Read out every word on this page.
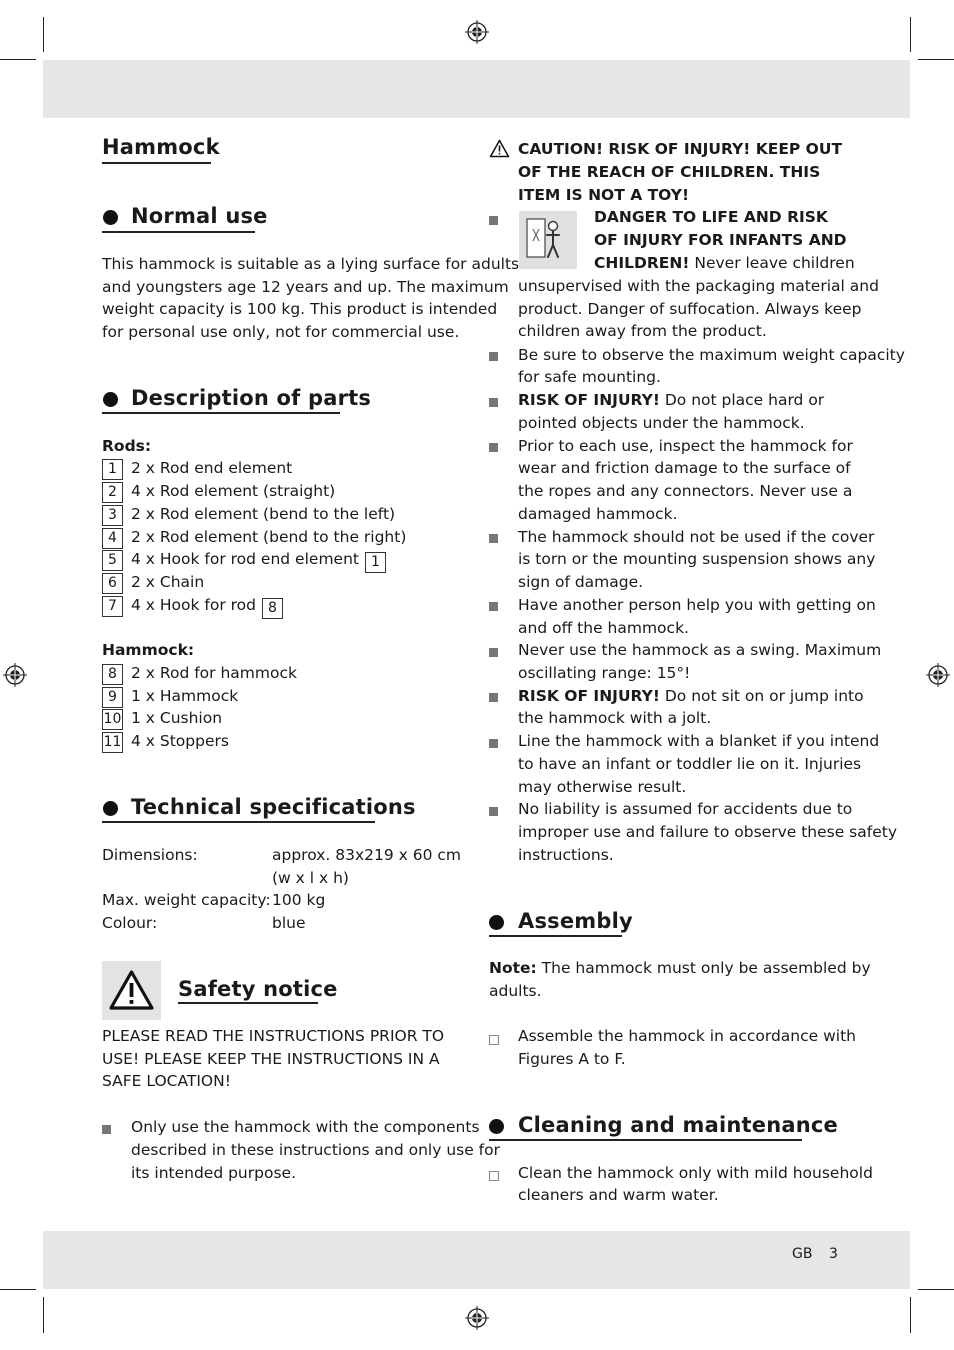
Hammock
Normal use
This hammock is suitable as a lying surface for adults
and youngsters age 12 years and up. The maximum
weight capacity is 100 kg. This product is intended
for personal use only, not for commercial use.
Description of parts
Rods:
1 2 x Rod end element
2 4 x Rod element (straight)
3 2 x Rod element (bend to the left)
4 2 x Rod element (bend to the right)
5 4 x Hook for rod end element 1
6 2 x Chain
7 4 x Hook for rod 8
Hammock:
8 2 x Rod for hammock
9 1 x Hammock
10 1 x Cushion
11 4 x Stoppers
Technical specifications
Dimensions:	approx. 83x219 x 60 cm
(w x l x h)
Max. weight capacity: 100 kg
Colour:	blue
Safety notice
PLEASE READ THE INSTRUCTIONS PRIOR TO
USE! PLEASE KEEP THE INSTRUCTIONS IN A
SAFE LOCATION!
Only use the hammock with the components
described in these instructions and only use for
its intended purpose.
CAUTION! RISK OF INJURY! KEEP OUT
OF THE REACH OF CHILDREN. THIS
ITEM IS NOT A TOY!
DANGER TO LIFE AND RISK
OF INJURY FOR INFANTS AND
CHILDREN! Never leave children
unsupervised with the packaging material and
product. Danger of suffocation. Always keep
children away from the product.
Be sure to observe the maximum weight capacity
for safe mounting.
RISK OF INJURY! Do not place hard or
pointed objects under the hammock.
Prior to each use, inspect the hammock for
wear and friction damage to the surface of
the ropes and any connectors. Never use a
damaged hammock.
The hammock should not be used if the cover
is torn or the mounting suspension shows any
sign of damage.
Have another person help you with getting on
and off the hammock.
Never use the hammock as a swing. Maximum
oscillating range: 15°!
RISK OF INJURY! Do not sit on or jump into
the hammock with a jolt.
Line the hammock with a blanket if you intend
to have an infant or toddler lie on it. Injuries
may otherwise result.
No liability is assumed for accidents due to
improper use and failure to observe these safety
instructions.
Assembly
Note: The hammock must only be assembled by
adults.
Assemble the hammock in accordance with
Figures A to F.
Cleaning and maintenance
Clean the hammock only with mild household
cleaners and warm water.
GB 3
